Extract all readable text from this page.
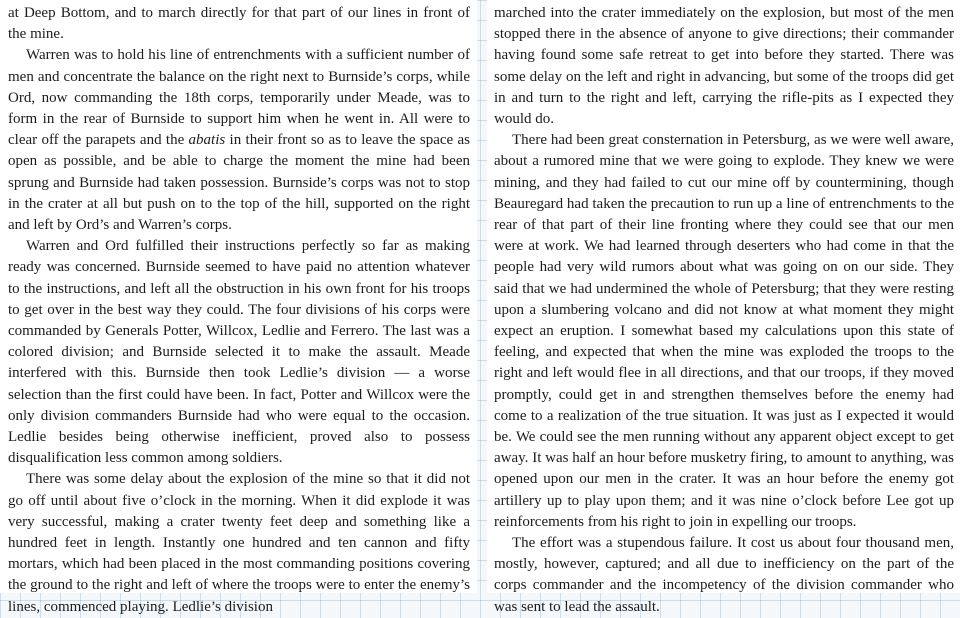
at Deep Bottom, and to march directly for that part of our lines in front of the mine.

Warren was to hold his line of entrenchments with a sufficient number of men and concentrate the balance on the right next to Burnside’s corps, while Ord, now commanding the 18th corps, temporarily under Meade, was to form in the rear of Burnside to support him when he went in. All were to clear off the parapets and the abatis in their front so as to leave the space as open as possible, and be able to charge the moment the mine had been sprung and Burnside had taken possession. Burnside’s corps was not to stop in the crater at all but push on to the top of the hill, supported on the right and left by Ord’s and Warren’s corps.

Warren and Ord fulfilled their instructions perfectly so far as making ready was concerned. Burnside seemed to have paid no attention whatever to the instructions, and left all the obstruction in his own front for his troops to get over in the best way they could. The four divisions of his corps were commanded by Generals Potter, Willcox, Ledlie and Ferrero. The last was a colored division; and Burnside selected it to make the assault. Meade interfered with this. Burnside then took Ledlie’s division — a worse selection than the first could have been. In fact, Potter and Willcox were the only division commanders Burnside had who were equal to the occasion. Ledlie besides being otherwise inefficient, proved also to possess disqualification less common among soldiers.

There was some delay about the explosion of the mine so that it did not go off until about five o’clock in the morning. When it did explode it was very successful, making a crater twenty feet deep and something like a hundred feet in length. Instantly one hundred and ten cannon and fifty mortars, which had been placed in the most commanding positions covering the ground to the right and left of where the troops were to enter the enemy’s lines, commenced playing. Ledlie’s division

marched into the crater immediately on the explosion, but most of the men stopped there in the absence of anyone to give directions; their commander having found some safe retreat to get into before they started. There was some delay on the left and right in advancing, but some of the troops did get in and turn to the right and left, carrying the rifle-pits as I expected they would do.

There had been great consternation in Petersburg, as we were well aware, about a rumored mine that we were going to explode. They knew we were mining, and they had failed to cut our mine off by countermining, though Beauregard had taken the precaution to run up a line of entrenchments to the rear of that part of their line fronting where they could see that our men were at work. We had learned through deserters who had come in that the people had very wild rumors about what was going on on our side. They said that we had undermined the whole of Petersburg; that they were resting upon a slumbering volcano and did not know at what moment they might expect an eruption. I somewhat based my calculations upon this state of feeling, and expected that when the mine was exploded the troops to the right and left would flee in all directions, and that our troops, if they moved promptly, could get in and strengthen themselves before the enemy had come to a realization of the true situation. It was just as I expected it would be. We could see the men running without any apparent object except to get away. It was half an hour before musketry firing, to amount to anything, was opened upon our men in the crater. It was an hour before the enemy got artillery up to play upon them; and it was nine o’clock before Lee got up reinforcements from his right to join in expelling our troops.

The effort was a stupendous failure. It cost us about four thousand men, mostly, however, captured; and all due to inefficiency on the part of the corps commander and the incompetency of the division commander who was sent to lead the assault.
